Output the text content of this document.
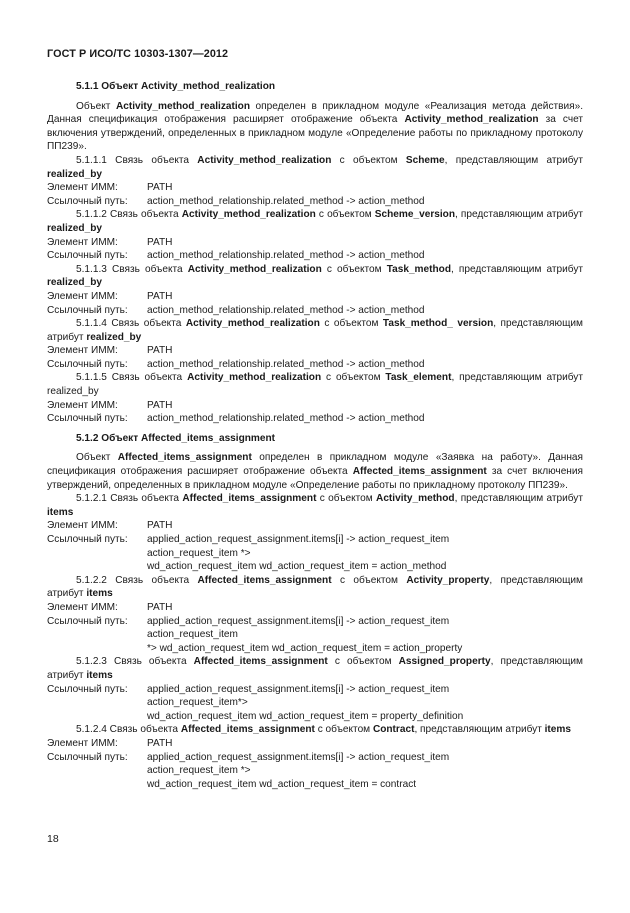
ГОСТ Р ИСО/ТС 10303-1307—2012
5.1.1 Объект Activity_method_realization
Объект Activity_method_realization определен в прикладном модуле «Реализация метода действия». Данная спецификация отображения расширяет отображение объекта Activity_method_realization за счет включения утверждений, определенных в прикладном модуле «Определение работы по прикладному протоколу ПП239».
5.1.1.1 Связь объекта Activity_method_realization с объектом Scheme, представляющим атрибут realized_by
Элемент ИММ:	PATH
Ссылочный путь:	action_method_relationship.related_method -> action_method
5.1.1.2 Связь объекта Activity_method_realization с объектом Scheme_version, представляющим атрибут realized_by
Элемент ИММ:	PATH
Ссылочный путь:	action_method_relationship.related_method -> action_method
5.1.1.3 Связь объекта Activity_method_realization с объектом Task_method, представляющим атрибут realized_by
Элемент ИММ:	PATH
Ссылочный путь:	action_method_relationship.related_method -> action_method
5.1.1.4 Связь объекта Activity_method_realization с объектом Task_method_ version, представляющим атрибут realized_by
Элемент ИММ:	PATH
Ссылочный путь:	action_method_relationship.related_method -> action_method
5.1.1.5 Связь объекта Activity_method_realization с объектом Task_element, представляющим атрибут realized_by
Элемент ИММ:	PATH
Ссылочный путь:	action_method_relationship.related_method -> action_method
5.1.2 Объект Affected_items_assignment
Объект Affected_items_assignment определен в прикладном модуле «Заявка на работу». Данная спецификация отображения расширяет отображение объекта Affected_items_assignment за счет включения утверждений, определенных в прикладном модуле «Определение работы по прикладному протоколу ПП239».
5.1.2.1 Связь объекта Affected_items_assignment с объектом Activity_method, представляющим атрибут items
Элемент ИММ:	PATH
Ссылочный путь:	applied_action_request_assignment.items[i] -> action_request_item
action_request_item *>
wd_action_request_item wd_action_request_item = action_method
5.1.2.2 Связь объекта Affected_items_assignment с объектом Activity_property, представляющим атрибут items
Элемент ИММ:	PATH
Ссылочный путь:	applied_action_request_assignment.items[i] -> action_request_item
action_request_item
*> wd_action_request_item wd_action_request_item = action_property
5.1.2.3 Связь объекта Affected_items_assignment с объектом Assigned_property, представляющим атрибут items
Ссылочный путь:	applied_action_request_assignment.items[i] -> action_request_item
action_request_item*>
wd_action_request_item wd_action_request_item = property_definition
5.1.2.4 Связь объекта Affected_items_assignment с объектом Contract, представляющим атрибут items
Элемент ИММ:	PATH
Ссылочный путь:	applied_action_request_assignment.items[i] -> action_request_item
action_request_item *>
wd_action_request_item wd_action_request_item = contract
18
